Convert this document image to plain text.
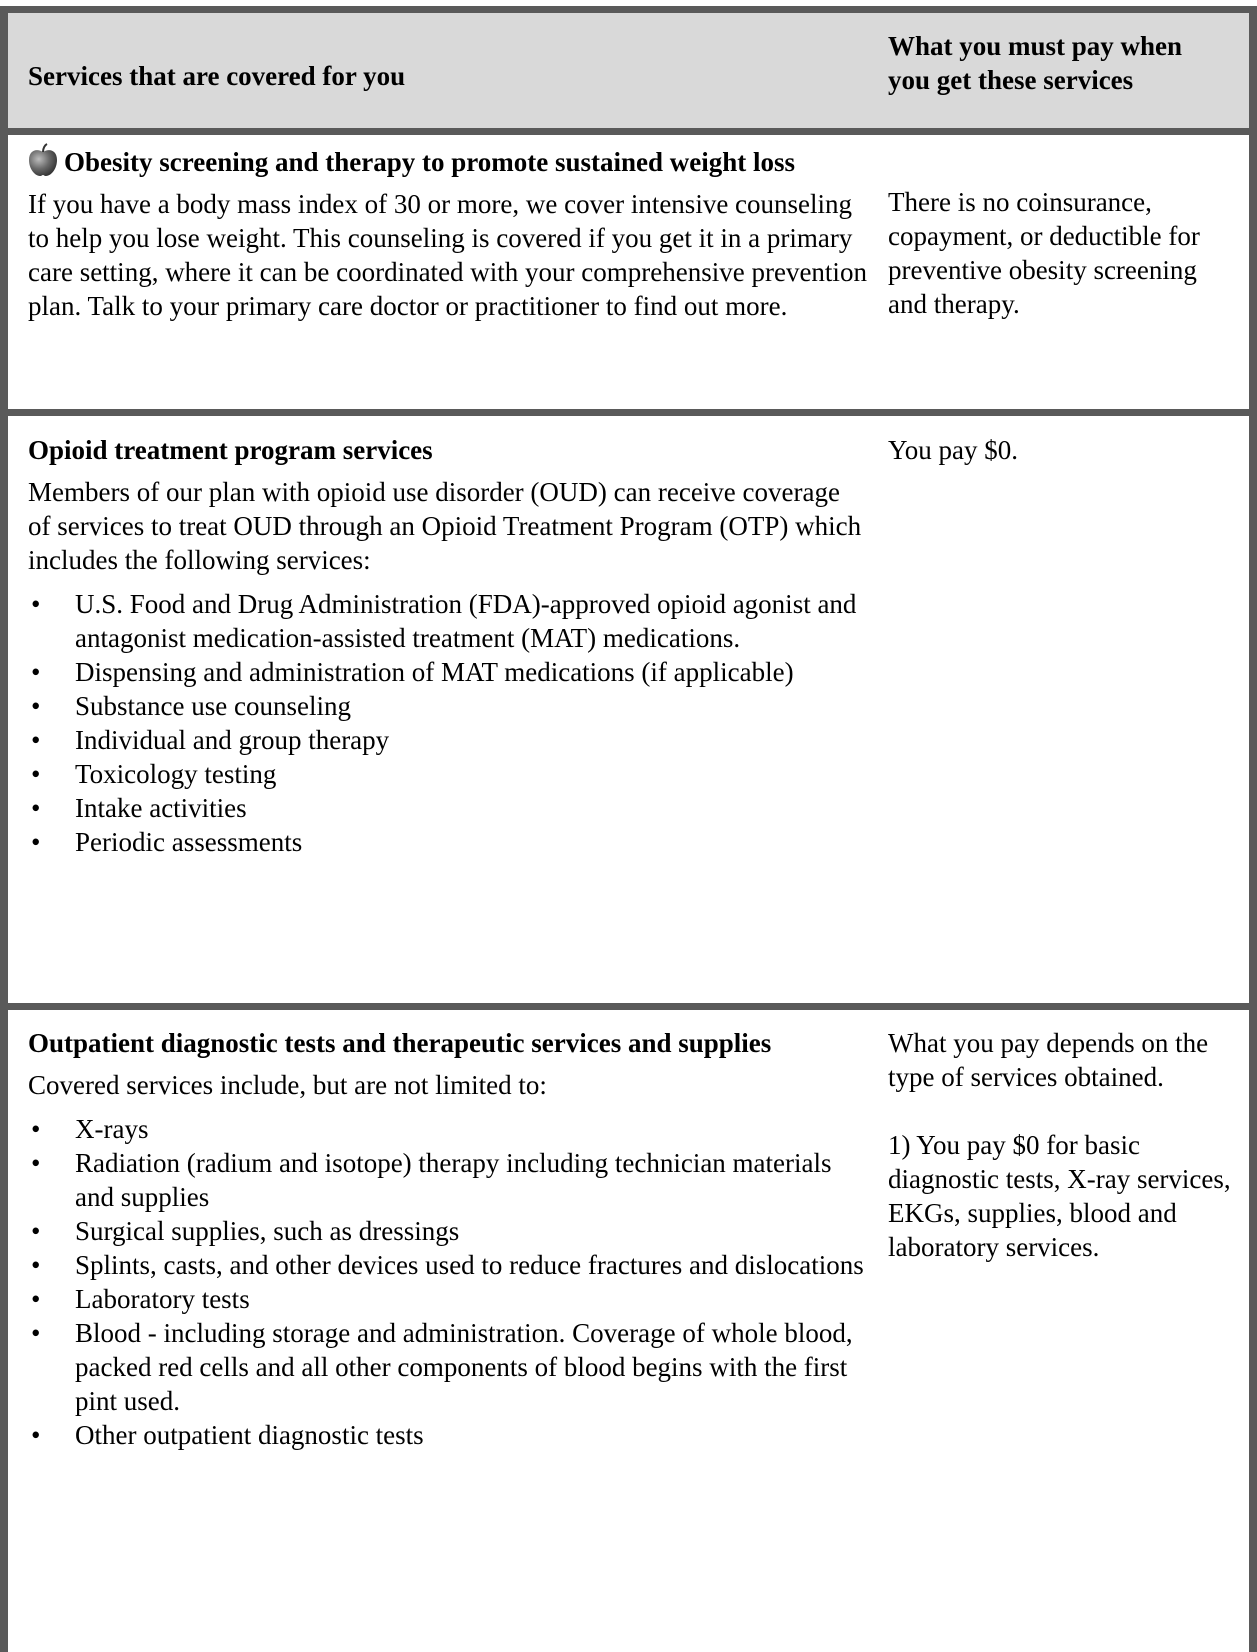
Services that are covered for you
What you must pay when
you get these services
Obesity screening and therapy to promote sustained weight loss
If you have a body mass index of 30 or more, we cover intensive counseling to help you lose weight. This counseling is covered if you get it in a primary care setting, where it can be coordinated with your comprehensive prevention plan. Talk to your primary care doctor or practitioner to find out more.
There is no coinsurance, copayment, or deductible for preventive obesity screening and therapy.
Opioid treatment program services
Members of our plan with opioid use disorder (OUD) can receive coverage of services to treat OUD through an Opioid Treatment Program (OTP) which includes the following services:
• U.S. Food and Drug Administration (FDA)-approved opioid agonist and antagonist medication-assisted treatment (MAT) medications.
• Dispensing and administration of MAT medications (if applicable)
• Substance use counseling
• Individual and group therapy
• Toxicology testing
• Intake activities
• Periodic assessments
You pay $0.
Outpatient diagnostic tests and therapeutic services and supplies
Covered services include, but are not limited to:
• X-rays
• Radiation (radium and isotope) therapy including technician materials and supplies
• Surgical supplies, such as dressings
• Splints, casts, and other devices used to reduce fractures and dislocations
• Laboratory tests
• Blood - including storage and administration. Coverage of whole blood, packed red cells and all other components of blood begins with the first pint used.
• Other outpatient diagnostic tests
What you pay depends on the type of services obtained.
1) You pay $0 for basic diagnostic tests, X-ray services, EKGs, supplies, blood and laboratory services.
